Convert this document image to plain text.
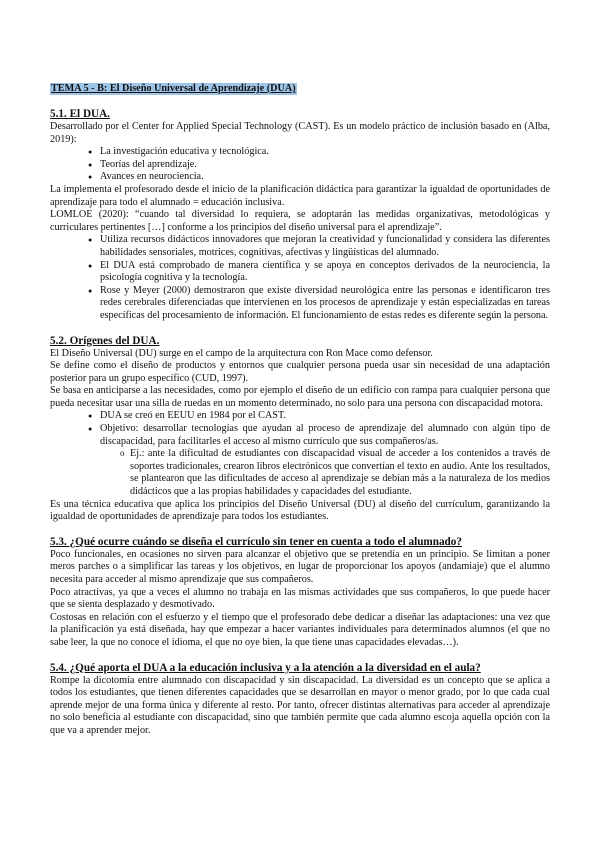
TEMA 5 - B: El Diseño Universal de Aprendizaje (DUA)

5.1. El DUA.

Desarrollado por el Center for Applied Special Technology (CAST). Es un modelo práctico de inclusión basado en (Alba, 2019):

● La investigación educativa y tecnológica.
● Teorías del aprendizaje.
● Avances en neurociencia.

La implementa el profesorado desde el inicio de la planificación didáctica para garantizar la igualdad de oportunidades de aprendizaje para todo el alumnado = educación inclusiva.

LOMLOE (2020): “cuando tal diversidad lo requiera, se adoptarán las medidas organizativas, metodológicas y curriculares pertinentes […] conforme a los principios del diseño universal para el aprendizaje”.

● Utiliza recursos didácticos innovadores que mejoran la creatividad y funcionalidad y considera las diferentes habilidades sensoriales, motrices, cognitivas, afectivas y lingüísticas del alumnado.
● El DUA está comprobado de manera científica y se apoya en conceptos derivados de la neurociencia, la psicología cognitiva y la tecnología.
● Rose y Meyer (2000) demostraron que existe diversidad neurológica entre las personas e identificaron tres redes cerebrales diferenciadas que intervienen en los procesos de aprendizaje y están especializadas en tareas específicas del procesamiento de información. El funcionamiento de estas redes es diferente según la persona.

5.2. Orígenes del DUA.

El Diseño Universal (DU) surge en el campo de la arquitectura con Ron Mace como defensor.

Se define como el diseño de productos y entornos que cualquier persona pueda usar sin necesidad de una adaptación posterior para un grupo específico (CUD, 1997).

Se basa en anticiparse a las necesidades, como por ejemplo el diseño de un edificio con rampa para cualquier persona que pueda necesitar usar una silla de ruedas en un momento determinado, no solo para una persona con discapacidad motora.

● DUA se creó en EEUU en 1984 por el CAST.
● Objetivo: desarrollar tecnologías que ayudan al proceso de aprendizaje del alumnado con algún tipo de discapacidad, para facilitarles el acceso al mismo currículo que sus compañeros/as.
o Ej.: ante la dificultad de estudiantes con discapacidad visual de acceder a los contenidos a través de soportes tradicionales, crearon libros electrónicos que convertían el texto en audio. Ante los resultados, se plantearon que las dificultades de acceso al aprendizaje se debían más a la naturaleza de los medios didácticos que a las propias habilidades y capacidades del estudiante.

Es una técnica educativa que aplica los principios del Diseño Universal (DU) al diseño del currículum, garantizando la igualdad de oportunidades de aprendizaje para todos los estudiantes.

5.3. ¿Qué ocurre cuándo se diseña el currículo sin tener en cuenta a todo el alumnado?

Poco funcionales, en ocasiones no sirven para alcanzar el objetivo que se pretendía en un principio. Se limitan a poner meros parches o a simplificar las tareas y los objetivos, en lugar de proporcionar los apoyos (andamiaje) que el alumno necesita para acceder al mismo aprendizaje que sus compañeros.

Poco atractivas, ya que a veces el alumno no trabaja en las mismas actividades que sus compañeros, lo que puede hacer que se sienta desplazado y desmotivado.

Costosas en relación con el esfuerzo y el tiempo que el profesorado debe dedicar a diseñar las adaptaciones: una vez que la planificación ya está diseñada, hay que empezar a hacer variantes individuales para determinados alumnos (el que no sabe leer, la que no conoce el idioma, el que no oye bien, la que tiene unas capacidades elevadas…).

5.4. ¿Qué aporta el DUA a la educación inclusiva y a la atención a la diversidad en el aula?

Rompe la dicotomía entre alumnado con discapacidad y sin discapacidad. La diversidad es un concepto que se aplica a todos los estudiantes, que tienen diferentes capacidades que se desarrollan en mayor o menor grado, por lo que cada cual aprende mejor de una forma única y diferente al resto. Por tanto, ofrecer distintas alternativas para acceder al aprendizaje no solo beneficia al estudiante con discapacidad, sino que también permite que cada alumno escoja aquella opción con la que va a aprender mejor.
